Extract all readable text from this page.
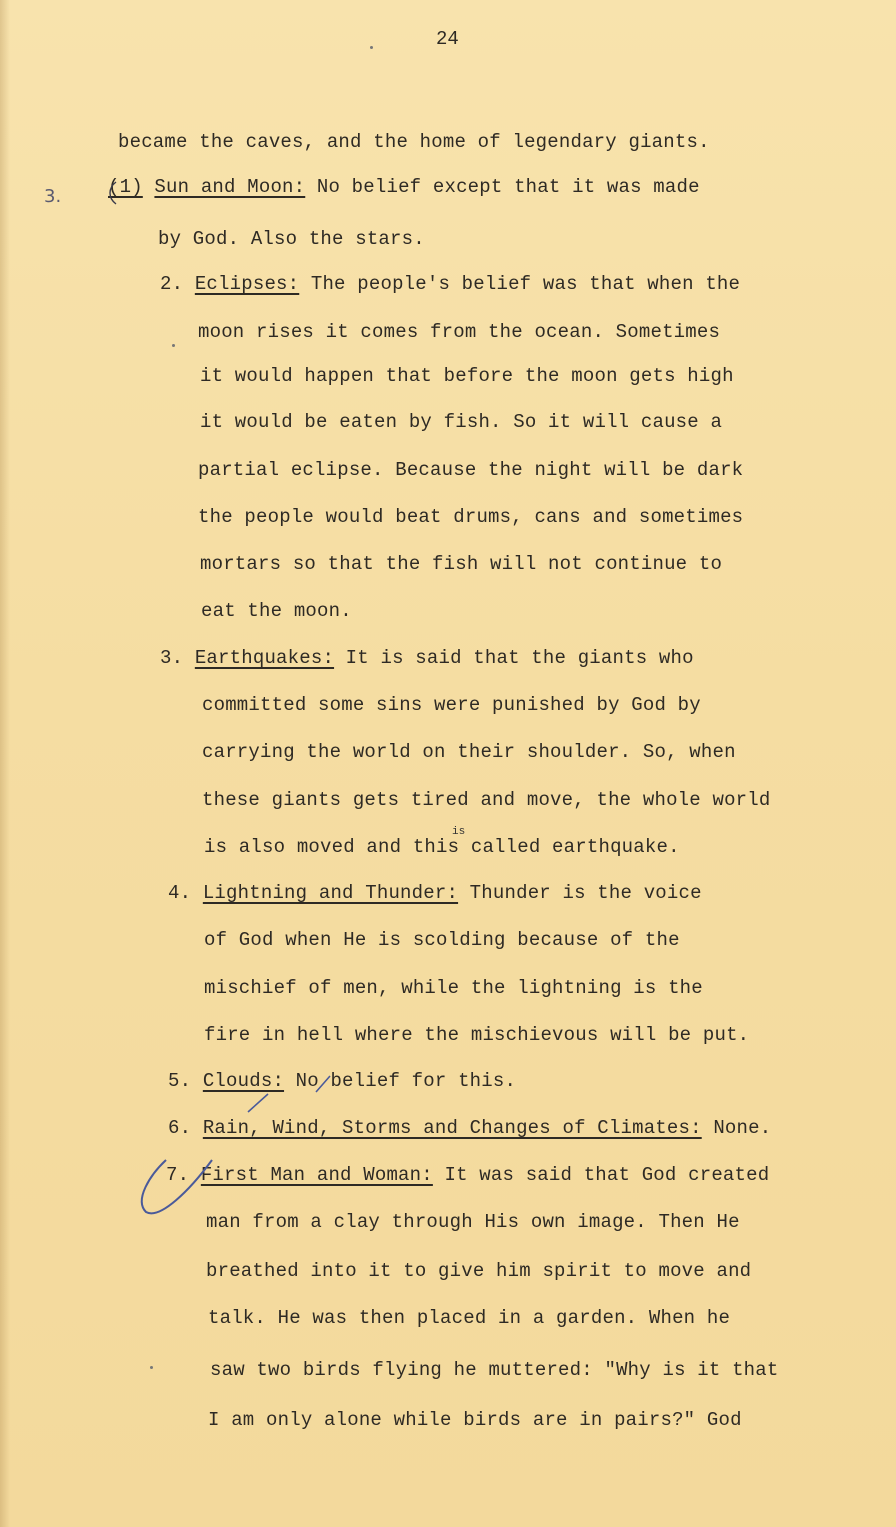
24
3.
became the caves, and the home of legendary giants.
(1) Sun and Moon: No belief except that it was made
by God. Also the stars.
2. Eclipses: The people's belief was that when the
moon rises it comes from the ocean. Sometimes
it would happen that before the moon gets high
it would be eaten by fish. So it will cause a
partial eclipse. Because the night will be dark
the people would beat drums, cans and sometimes
mortars so that the fish will not continue to
eat the moon.
3. Earthquakes: It is said that the giants who
committed some sins were punished by God by
carrying the world on their shoulder. So, when
these giants gets tired and move, the whole world
is also moved and this called earthquake.
is
4. Lightning and Thunder: Thunder is the voice
of God when He is scolding because of the
mischief of men, while the lightning is the
fire in hell where the mischievous will be put.
5. Clouds: No belief for this.
6. Rain, Wind, Storms and Changes of Climates: None.
7. First Man and Woman: It was said that God created
man from a clay through His own image. Then He
breathed into it to give him spirit to move and
talk. He was then placed in a garden. When he
saw two birds flying he muttered: "Why is it that
I am only alone while birds are in pairs?" God
